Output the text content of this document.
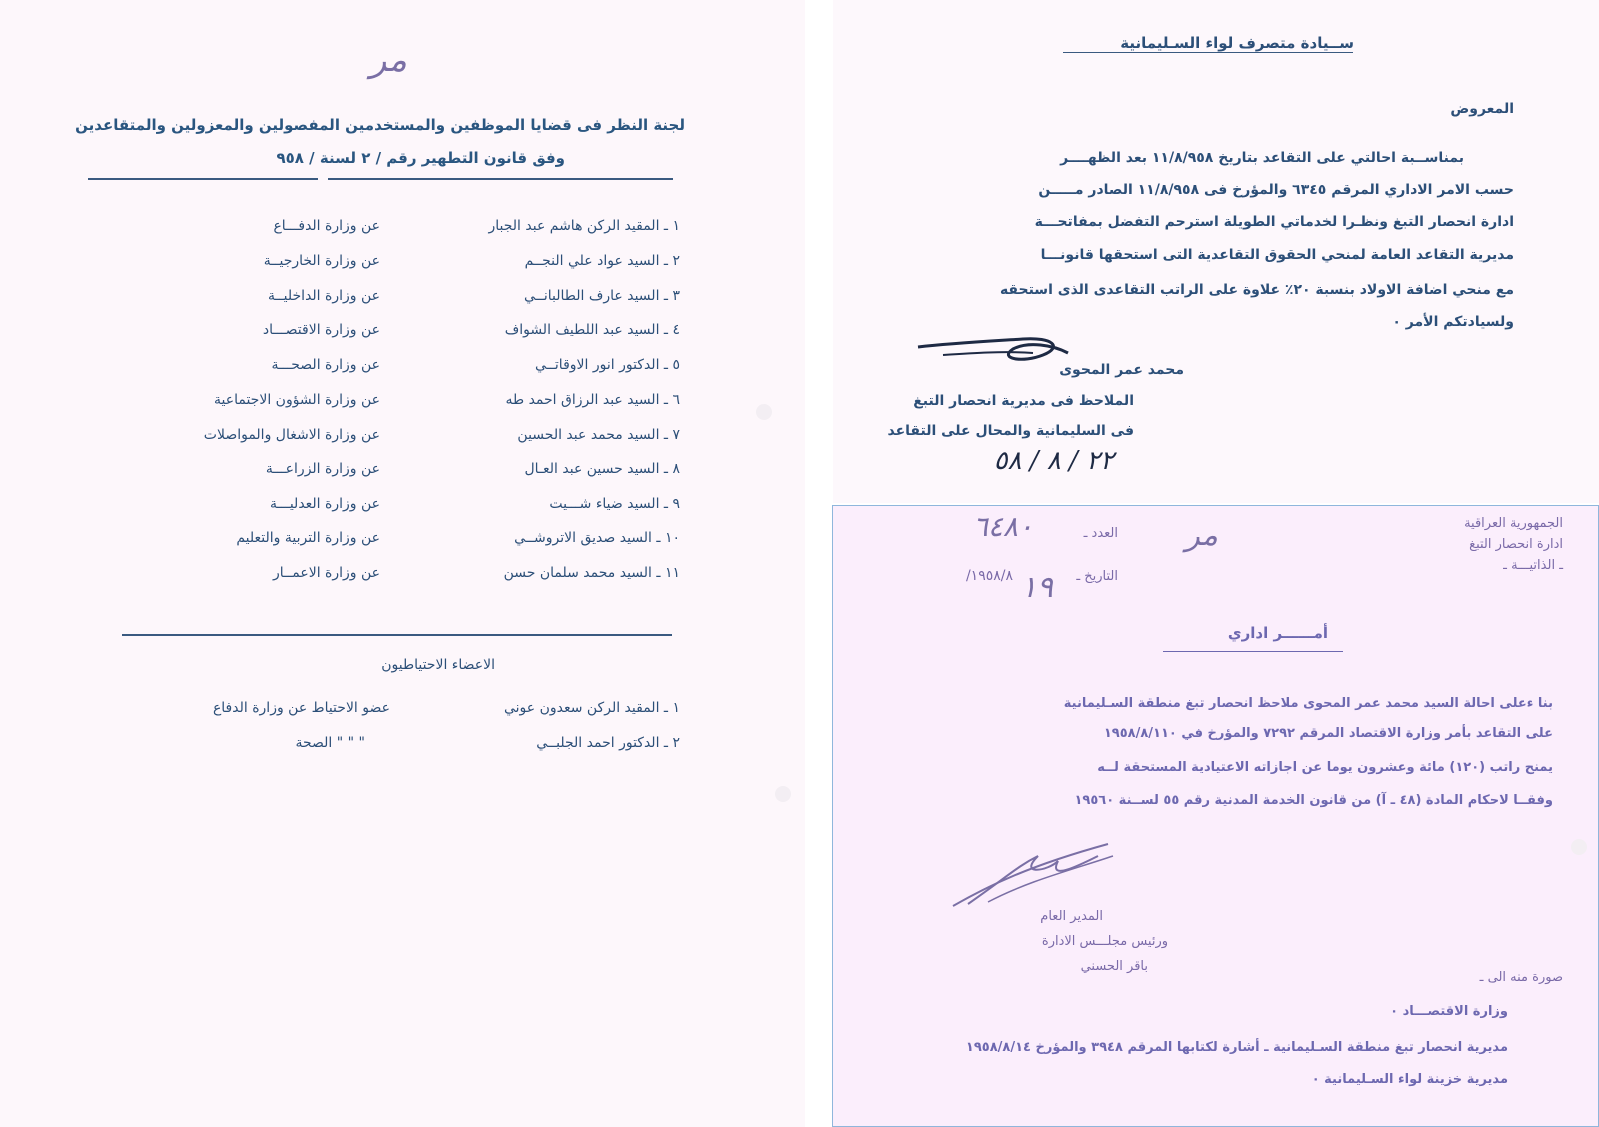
مر
لجنة النظر فى قضايا الموظفين والمستخدمين المفصولين والمعزولين والمتقاعدين
وفق قانون التطهير رقم / ٢ لسنة / ٩٥٨
١ ـ المقيد الركن هاشم عبد الجبار
عن وزارة الدفـــاع
٢ ـ السيد عواد علي النجــم
عن وزارة الخارجيــة
٣ ـ السيد عارف الطالبانــي
عن وزارة الداخليــة
٤ ـ السيد عبد اللطيف الشواف
عن وزارة الاقتصـــاد
٥ ـ الدكتور انور الاوقاتــي
عن وزارة الصحـــة
٦ ـ السيد عبد الرزاق احمد طه
عن وزارة الشؤون الاجتماعية
٧ ـ السيد محمد عبد الحسين
عن وزارة الاشغال والمواصلات
٨ ـ السيد حسين عبد العـال
عن وزارة الزراعـــة
٩ ـ السيد ضياء شـــيت
عن وزارة العدليـــة
١٠ ـ السيد صديق الاتروشــي
عن وزارة التربية والتعليم
١١ ـ السيد محمد سلمان حسن
عن وزارة الاعمــار
الاعضاء الاحتياطيون
١ ـ المقيد الركن سعدون عوني
عضو الاحتياط عن وزارة الدفاع
٢ ـ الدكتور احمد الجلبــي
" " " الصحة
ســيادة متصرف لواء السـليمانية
المعروض
بمناســبة احالتي على التقاعد بتاريخ ١١/٨/٩٥٨ بعد الظهــــر
حسب الامر الاداري المرقم ٦٣٤٥ والمؤرخ فى ١١/٨/٩٥٨ الصادر مـــــن
ادارة انحصار التبغ ونظـرا لخدماتي الطويلة استرحم التفضل بمفاتحـــة
مديرية التقاعد العامة لمنحي الحقوق التقاعدية التى استحقها قانونـــا
مع منحي اضافة الاولاد بنسبة ٢٠٪ علاوة على الراتب التقاعدى الذى استحقه
ولسيادتكم الأمر ٠
محمد عمر المحوى
الملاحظ فى مديرية انحصار التبغ
فى السليمانية والمحال على التقاعد
٢٢ / ٨ / ٥٨
الجمهورية العراقية
ادارة انحصار التبغ
ـ الذاتيـــة ـ
العدد ـ
٦٤٨٠
التاريخ ـ
١٩٥٨/٨/ ١٩
مر
أمــــــر اداري
بنا ءعلى احالة السيد محمد عمر المحوى ملاحظ انحصار تبغ منطقة السـليمانية
على التقاعد بأمر وزارة الاقتصاد المرقم ٧٢٩٢ والمؤرخ في ١٩٥٨/٨/١١٠
يمنح راتب (١٢٠) مائة وعشرون يوما عن اجازاته الاعتيادية المستحقة لــه
وفقــا لاحكام المادة (٤٨ ـ آ) من قانون الخدمة المدنية رقم ٥٥ لســنة ١٩٥٦٠
المدير العام
ورئيس مجلـــس الادارة
باقر الحسني
صورة منه الى ـ
وزارة الاقتصـــاد ٠
مديرية انحصار تبغ منطقة السـليمانية ـ أشارة لكتابها المرقم ٣٩٤٨ والمؤرخ ١٩٥٨/٨/١٤
مديرية خزينة لواء السـليمانية ٠
